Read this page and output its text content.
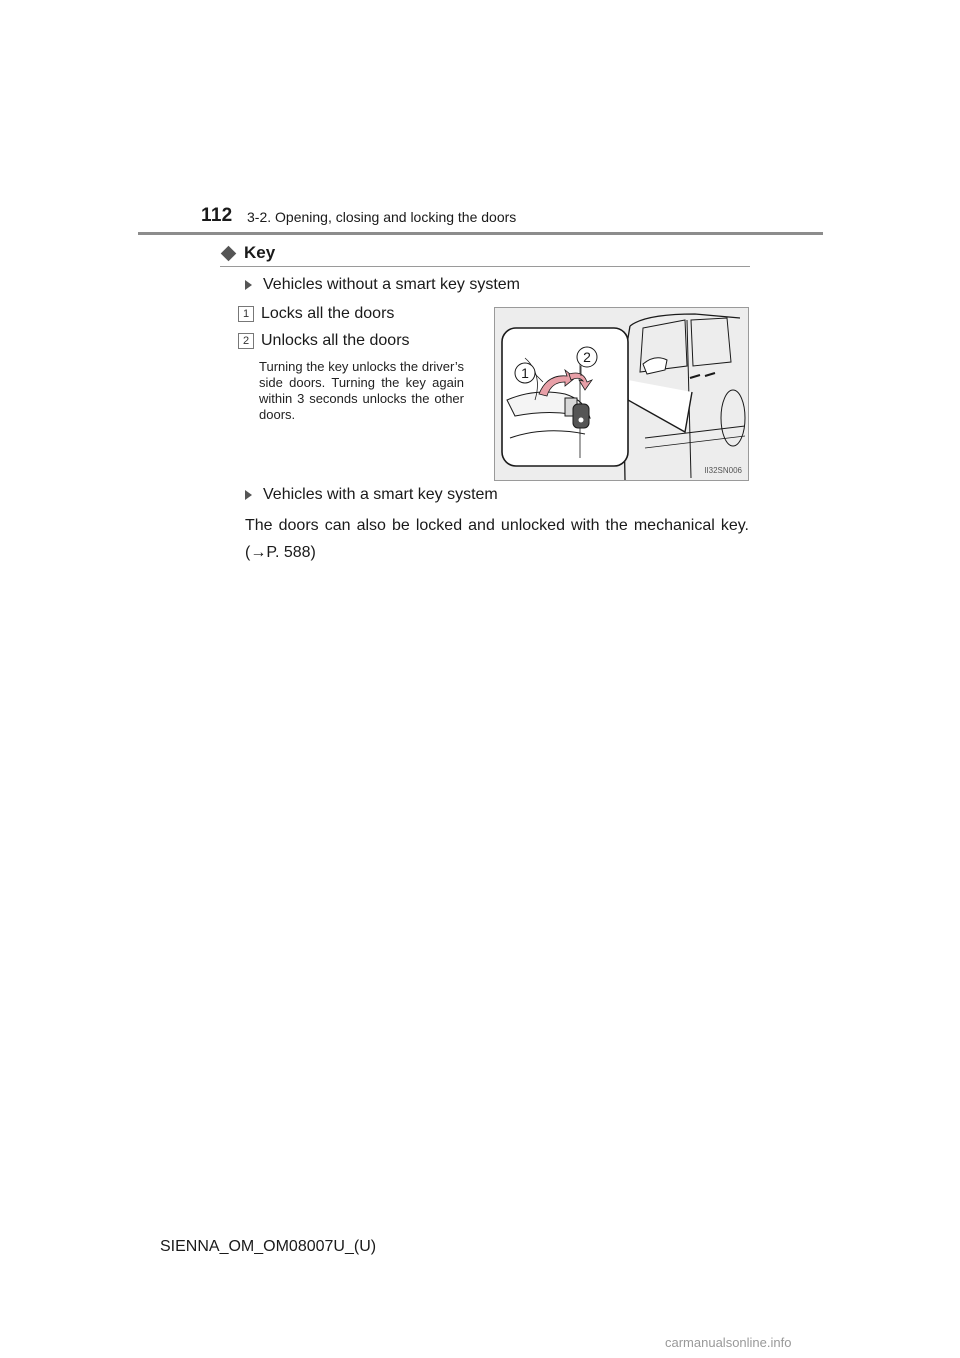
112 3-2. Opening, closing and locking the doors
Key
Vehicles without a smart key system
1 Locks all the doors
2 Unlocks all the doors
Turning the key unlocks the driver’s side doors. Turning the key again within 3 seconds unlocks the other doors.
1
2
II32SN006
Vehicles with a smart key system
The doors can also be locked and unlocked with the mechanical key. (→P. 588)
SIENNA_OM_OM08007U_(U)
carmanualsonline.info
